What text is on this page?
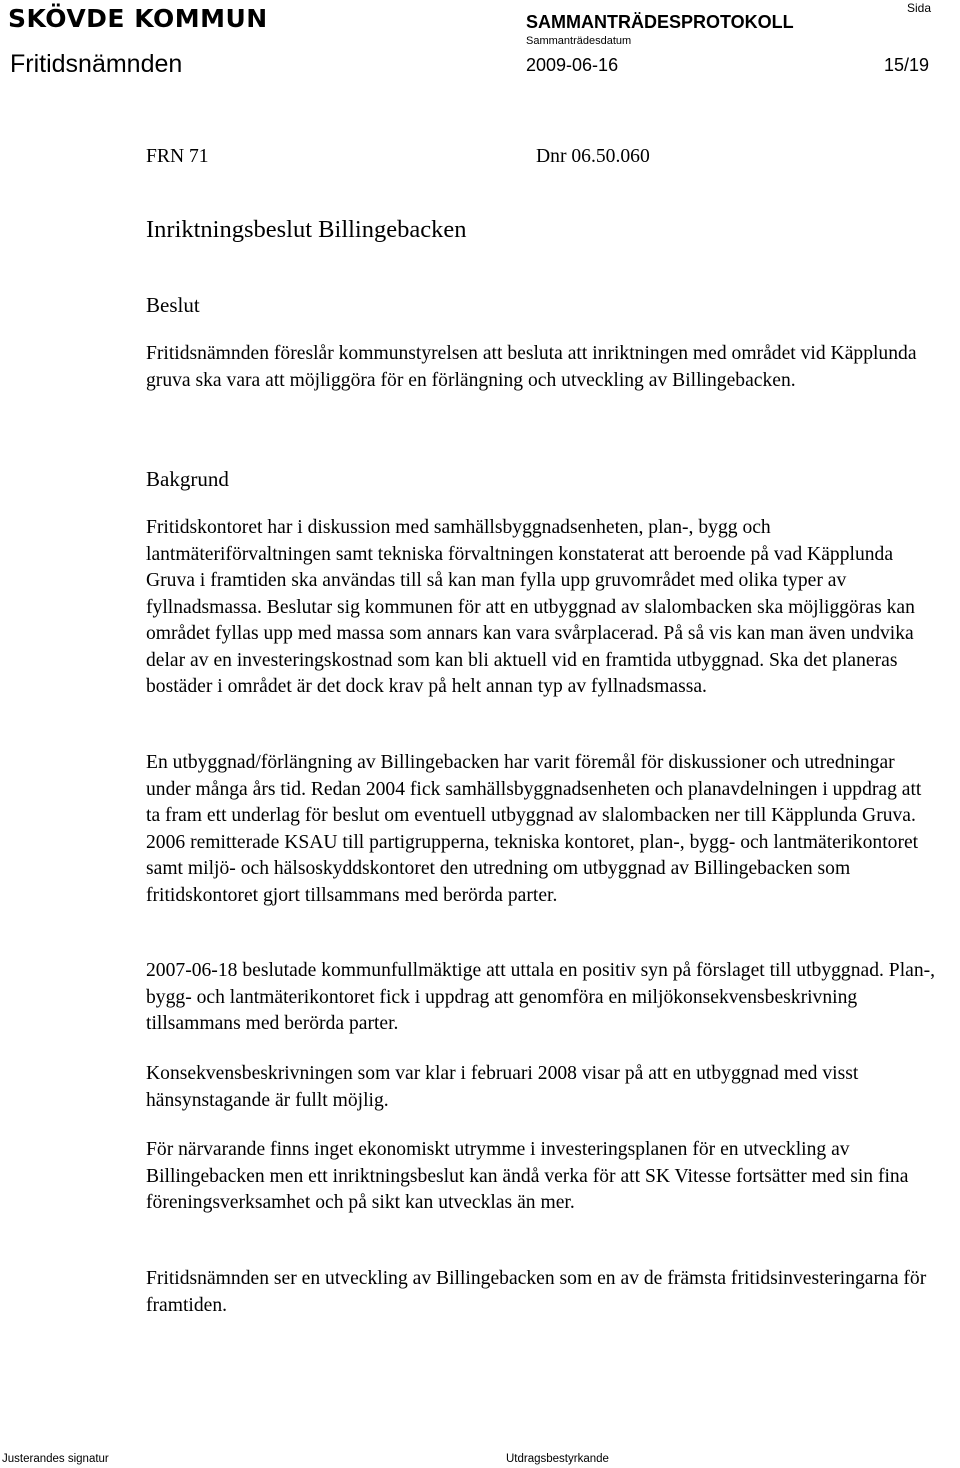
SKÖVDE KOMMUN
Fritidsnämnden
SAMMANTRÄDESPROTOKOLL
Sammanträdesdatum
2009-06-16
Sida
15/19
FRN 71	Dnr 06.50.060
Inriktningsbeslut Billingebacken
Beslut

Fritidsnämnden föreslår kommunstyrelsen att besluta att inriktningen med området vid Käpplunda gruva ska vara att möjliggöra för en förlängning och utveckling av Billingebacken.

Bakgrund

Fritidskontoret har i diskussion med samhällsbyggnadsenheten, plan-, bygg och lantmäteriförvaltningen samt tekniska förvaltningen konstaterat att beroende på vad Käpplunda Gruva i framtiden ska användas till så kan man fylla upp gruvområdet med olika typer av fyllnadsmassa. Beslutar sig kommunen för att en utbyggnad av slalombacken ska möjliggöras kan området fyllas upp med massa som annars kan vara svårplacerad. På så vis kan man även undvika delar av en investeringskostnad som kan bli aktuell vid en framtida utbyggnad. Ska det planeras bostäder i området är det dock krav på helt annan typ av fyllnadsmassa.

En utbyggnad/förlängning av Billingebacken har varit föremål för diskussioner och utredningar under många års tid. Redan 2004 fick samhällsbyggnadsenheten och planavdelningen i uppdrag att ta fram ett underlag för beslut om eventuell utbyggnad av slalombacken ner till Käpplunda Gruva. 2006 remitterade KSAU till partigrupperna, tekniska kontoret, plan-, bygg- och lantmäterikontoret samt miljö- och hälsoskyddskontoret den utredning om utbyggnad av Billingebacken som fritidskontoret gjort tillsammans med berörda parter.

2007-06-18 beslutade kommunfullmäktige att uttala en positiv syn på förslaget till utbyggnad. Plan-, bygg- och lantmäterikontoret fick i uppdrag att genomföra en miljökonsekvensbeskrivning tillsammans med berörda parter.

Konsekvensbeskrivningen som var klar i februari 2008 visar på att en utbyggnad med visst hänsynstagande är fullt möjlig.

För närvarande finns inget ekonomiskt utrymme i investeringsplanen för en utveckling av Billingebacken men ett inriktningsbeslut kan ändå verka för att SK Vitesse fortsätter med sin fina föreningsverksamhet och på sikt kan utvecklas än mer.

Fritidsnämnden ser en utveckling av Billingebacken som en av de främsta fritidsinvesteringarna för framtiden.

Justerandes signatur	Utdragsbestyrkande
